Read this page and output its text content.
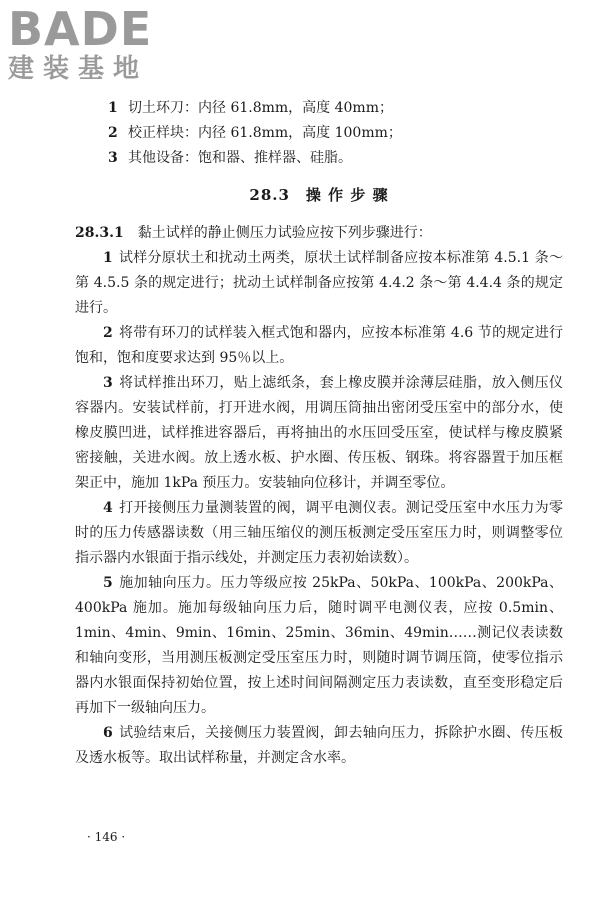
BADE
建装基地
1 切土环刀：内径 61.8mm，高度 40mm；
2 校正样块：内径 61.8mm，高度 100mm；
3 其他设备：饱和器、推样器、硅脂。
28.3　操 作 步 骤
28.3.1 黏土试样的静止侧压力试验应按下列步骤进行：

1 试样分原状土和扰动土两类，原状土试样制备应按本标准第 4.5.1 条～第 4.5.5 条的规定进行；扰动土试样制备应按第 4.4.2 条～第 4.4.4 条的规定进行。

2 将带有环刀的试样装入框式饱和器内，应按本标准第 4.6 节的规定进行饱和，饱和度要求达到 95％以上。

3 将试样推出环刀，贴上滤纸条，套上橡皮膜并涂薄层硅脂，放入侧压仪容器内。安装试样前，打开进水阀，用调压筒抽出密闭受压室中的部分水，使橡皮膜凹进，试样推进容器后，再将抽出的水压回受压室，使试样与橡皮膜紧密接触，关进水阀。放上透水板、护水圈、传压板、钢珠。将容器置于加压框架正中，施加 1kPa 预压力。安装轴向位移计，并调至零位。

4 打开接侧压力量测装置的阀，调平电测仪表。测记受压室中水压力为零时的压力传感器读数（用三轴压缩仪的测压板测定受压室压力时，则调整零位指示器内水银面于指示线处，并测定压力表初始读数）。

5 施加轴向压力。压力等级应按 25kPa、50kPa、100kPa、200kPa、400kPa 施加。施加每级轴向压力后，随时调平电测仪表，应按 0.5min、1min、4min、9min、16min、25min、36min、49min……测记仪表读数和轴向变形，当用测压板测定受压室压力时，则随时调节调压筒，使零位指示器内水银面保持初始位置，按上述时间间隔测定压力表读数，直至变形稳定后再加下一级轴向压力。

6 试验结束后，关接侧压力装置阀，卸去轴向压力，拆除护水圈、传压板及透水板等。取出试样称量，并测定含水率。

· 146 ·
